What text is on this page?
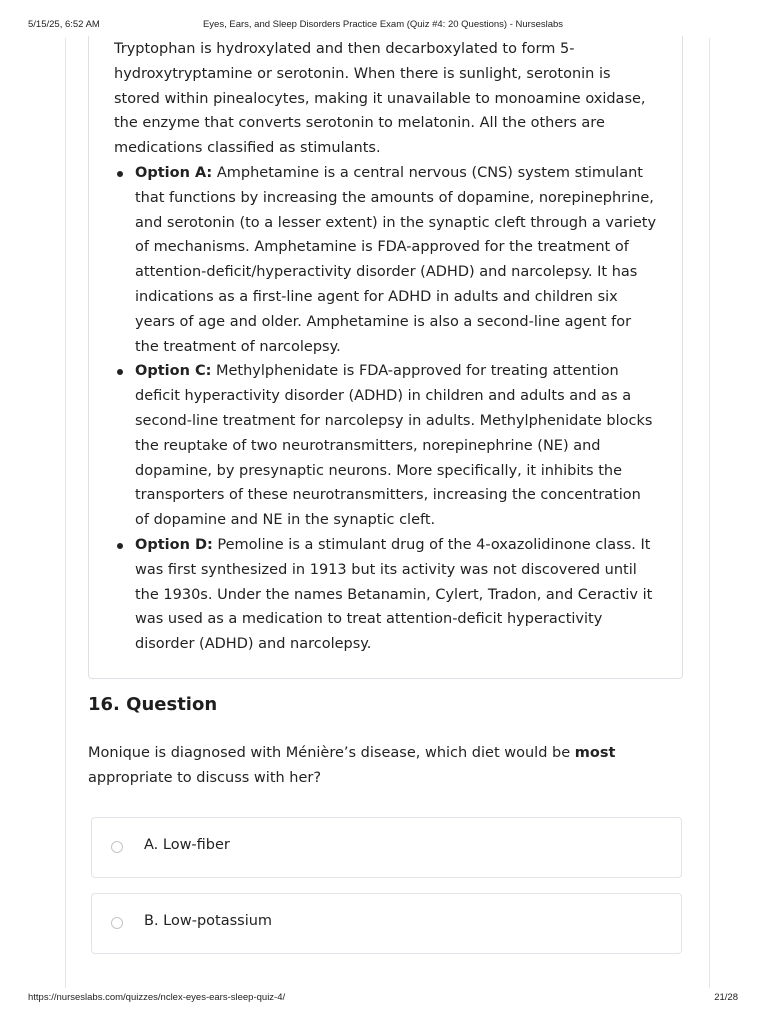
5/15/25, 6:52 AM	Eyes, Ears, and Sleep Disorders Practice Exam (Quiz #4: 20 Questions) - Nurseslabs

Tryptophan is hydroxylated and then decarboxylated to form 5-hydroxytryptamine or serotonin. When there is sunlight, serotonin is stored within pinealocytes, making it unavailable to monoamine oxidase, the enzyme that converts serotonin to melatonin. All the others are medications classified as stimulants.

Option A: Amphetamine is a central nervous (CNS) system stimulant that functions by increasing the amounts of dopamine, norepinephrine, and serotonin (to a lesser extent) in the synaptic cleft through a variety of mechanisms. Amphetamine is FDA-approved for the treatment of attention-deficit/hyperactivity disorder (ADHD) and narcolepsy. It has indications as a first-line agent for ADHD in adults and children six years of age and older. Amphetamine is also a second-line agent for the treatment of narcolepsy.
Option C: Methylphenidate is FDA-approved for treating attention deficit hyperactivity disorder (ADHD) in children and adults and as a second-line treatment for narcolepsy in adults. Methylphenidate blocks the reuptake of two neurotransmitters, norepinephrine (NE) and dopamine, by presynaptic neurons. More specifically, it inhibits the transporters of these neurotransmitters, increasing the concentration of dopamine and NE in the synaptic cleft.
Option D: Pemoline is a stimulant drug of the 4-oxazolidinone class. It was first synthesized in 1913 but its activity was not discovered until the 1930s. Under the names Betanamin, Cylert, Tradon, and Ceractiv it was used as a medication to treat attention-deficit hyperactivity disorder (ADHD) and narcolepsy.
16. Question
Monique is diagnosed with Ménière’s disease, which diet would be most appropriate to discuss with her?
A. Low-fiber
B. Low-potassium
https://nurseslabs.com/quizzes/nclex-eyes-ears-sleep-quiz-4/	21/28
